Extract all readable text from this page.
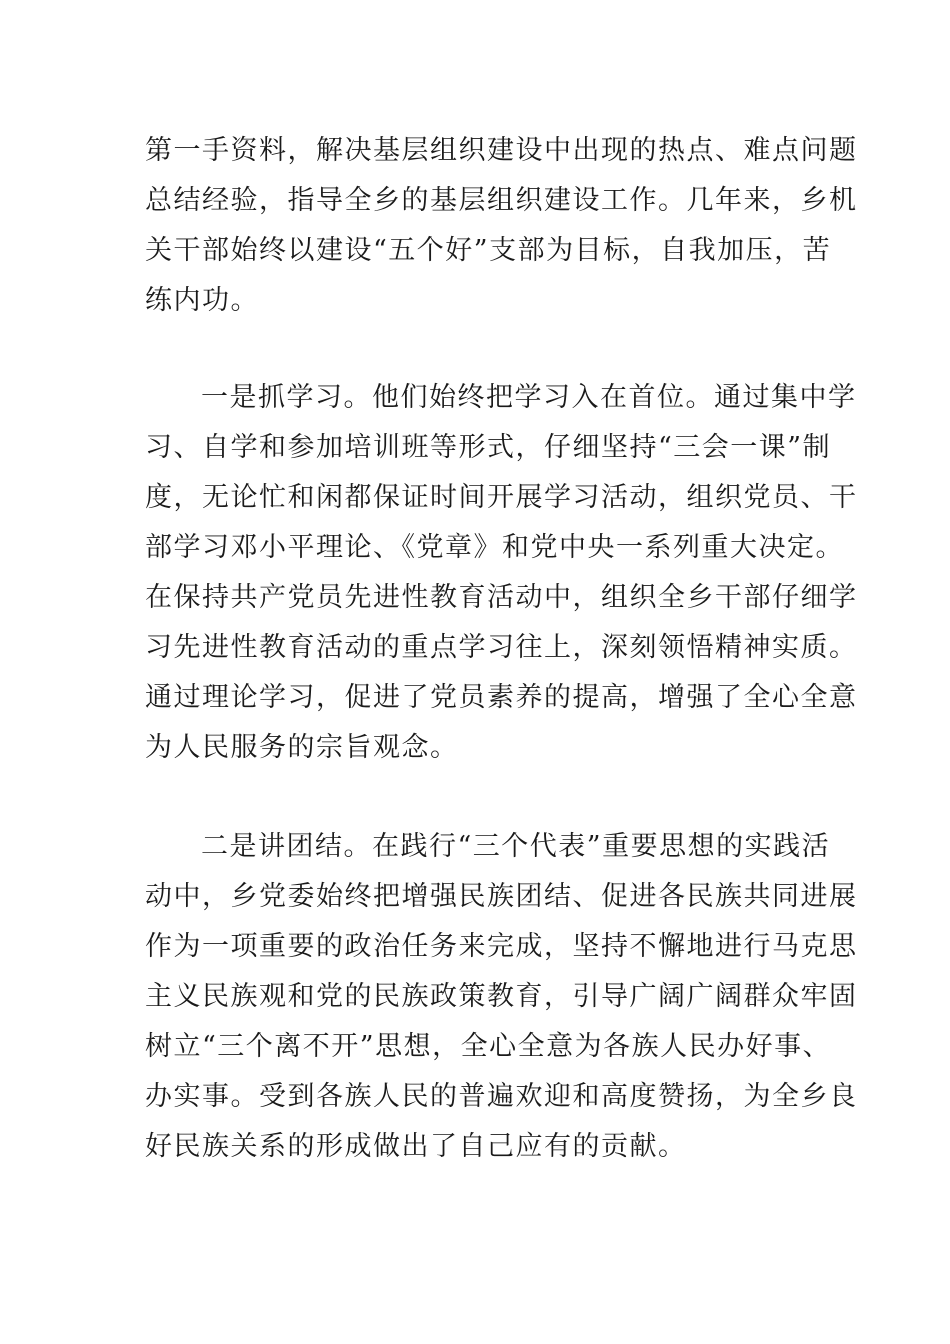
第一手资料，解决基层组织建设中出现的热点、难点问题
总结经验，指导全乡的基层组织建设工作。几年来，乡机
关干部始终以建设“五个好”支部为目标，自我加压，苦
练内功。
一是抓学习。他们始终把学习入在首位。通过集中学
习、自学和参加培训班等形式，仔细坚持“三会一课”制
度，无论忙和闲都保证时间开展学习活动，组织党员、干
部学习邓小平理论、《党章》和党中央一系列重大决定。
在保持共产党员先进性教育活动中，组织全乡干部仔细学
习先进性教育活动的重点学习往上，深刻领悟精神实质。
通过理论学习，促进了党员素养的提高，增强了全心全意
为人民服务的宗旨观念。
二是讲团结。在践行“三个代表”重要思想的实践活
动中，乡党委始终把增强民族团结、促进各民族共同进展
作为一项重要的政治任务来完成，坚持不懈地进行马克思
主义民族观和党的民族政策教育，引导广阔广阔群众牢固
树立“三个离不开”思想，全心全意为各族人民办好事、
办实事。受到各族人民的普遍欢迎和高度赞扬，为全乡良
好民族关系的形成做出了自己应有的贡献。
